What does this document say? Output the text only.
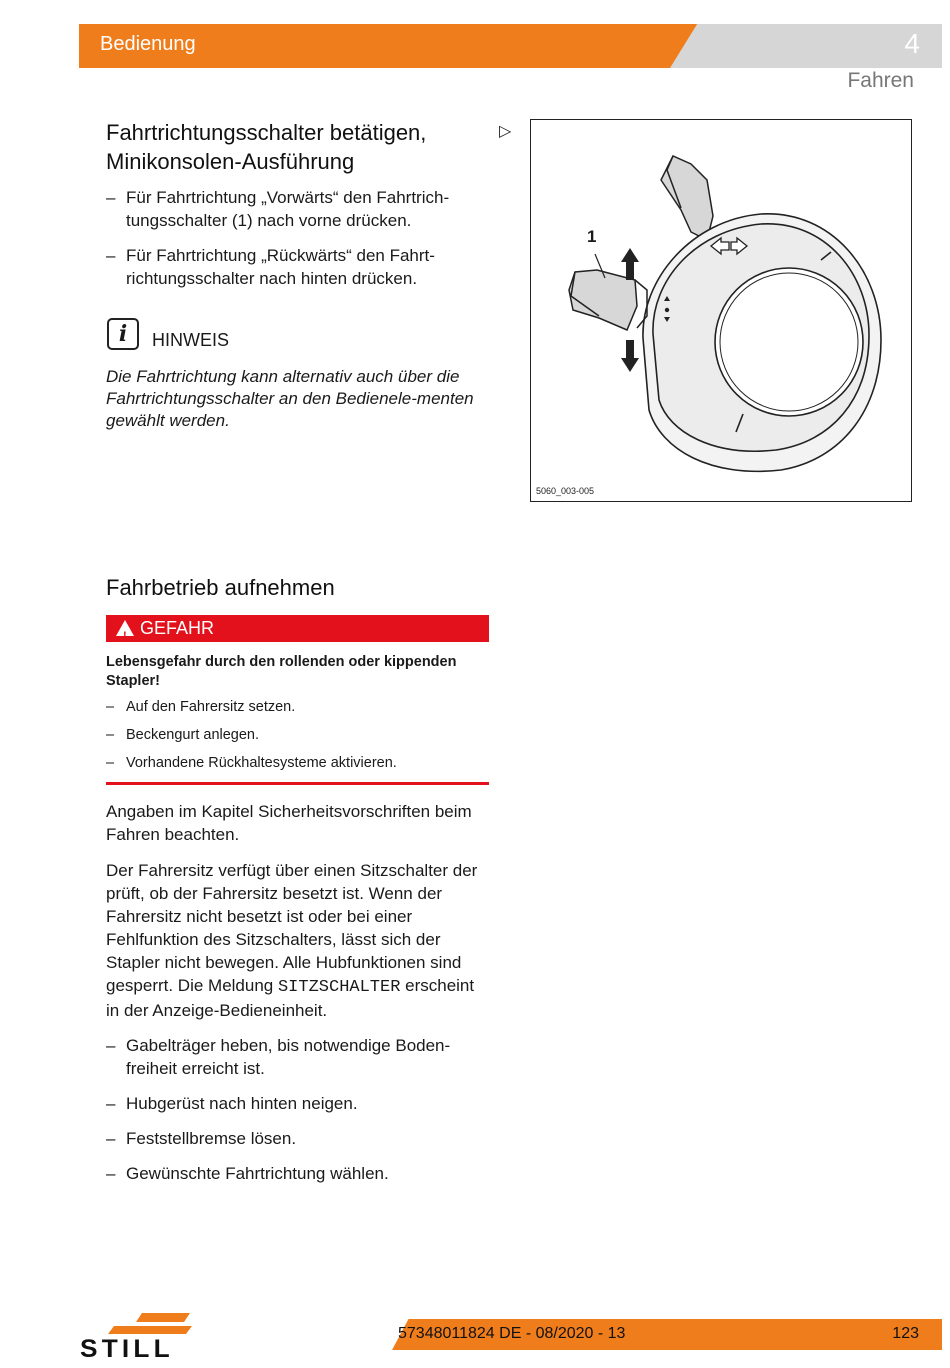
Bedienung	4
Fahren
Fahrtrichtungsschalter betätigen,
Minikonsolen-Ausführung
– Für Fahrtrichtung „Vorwärts“ den Fahrtrich-tungsschalter (1) nach vorne drücken.
– Für Fahrtrichtung „Rückwärts“ den Fahrt-richtungsschalter nach hinten drücken.
▷
i	HINWEIS
Die Fahrtrichtung kann alternativ auch über die Fahrtrichtungsschalter an den Bedienele-menten gewählt werden.
1
5060_003-005
Fahrbetrieb aufnehmen
!GEFAHR
Lebensgefahr durch den rollenden oder kippenden Stapler!
– Auf den Fahrersitz setzen.
– Beckengurt anlegen.
– Vorhandene Rückhaltesysteme aktivieren.

Angaben im Kapitel Sicherheitsvorschriften beim Fahren beachten.

Der Fahrersitz verfügt über einen Sitzschalter der prüft, ob der Fahrersitz besetzt ist. Wenn der Fahrersitz nicht besetzt ist oder bei einer Fehlfunktion des Sitzschalters, lässt sich der Stapler nicht bewegen. Alle Hubfunktionen sind gesperrt. Die Meldung SITZSCHALTER erscheint in der Anzeige-Bedieneinheit.

– Gabelträger heben, bis notwendige Boden-freiheit erreicht ist.
– Hubgerüst nach hinten neigen.
– Feststellbremse lösen.
– Gewünschte Fahrtrichtung wählen.
STILL
57348011824 DE - 08/2020 - 13	123
